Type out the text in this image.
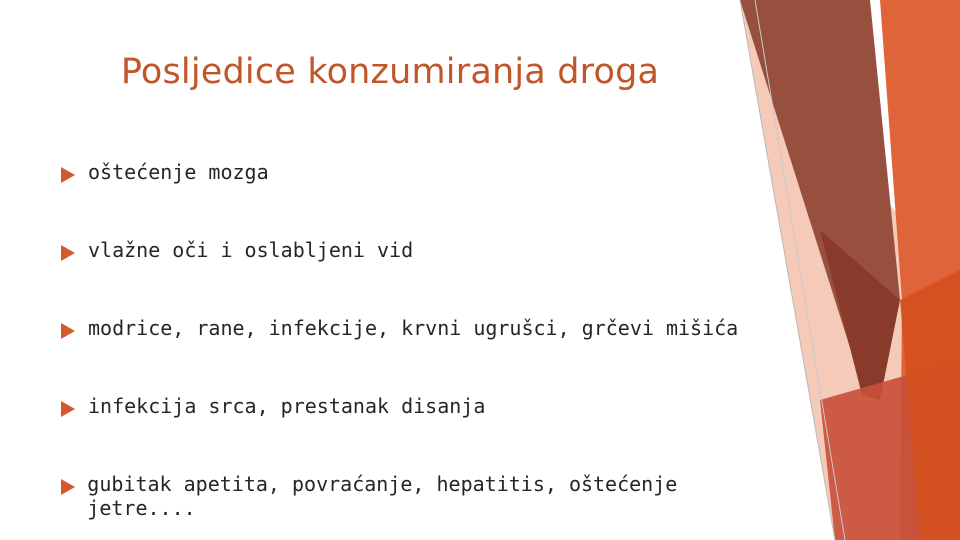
Posljedice konzumiranja droga
oštećenje mozga
vlažne oči i oslabljeni vid
modrice, rane, infekcije, krvni ugrušci, grčevi mišića
infekcija srca, prestanak disanja
gubitak apetita, povraćanje, hepatitis, oštećenje jetre....
